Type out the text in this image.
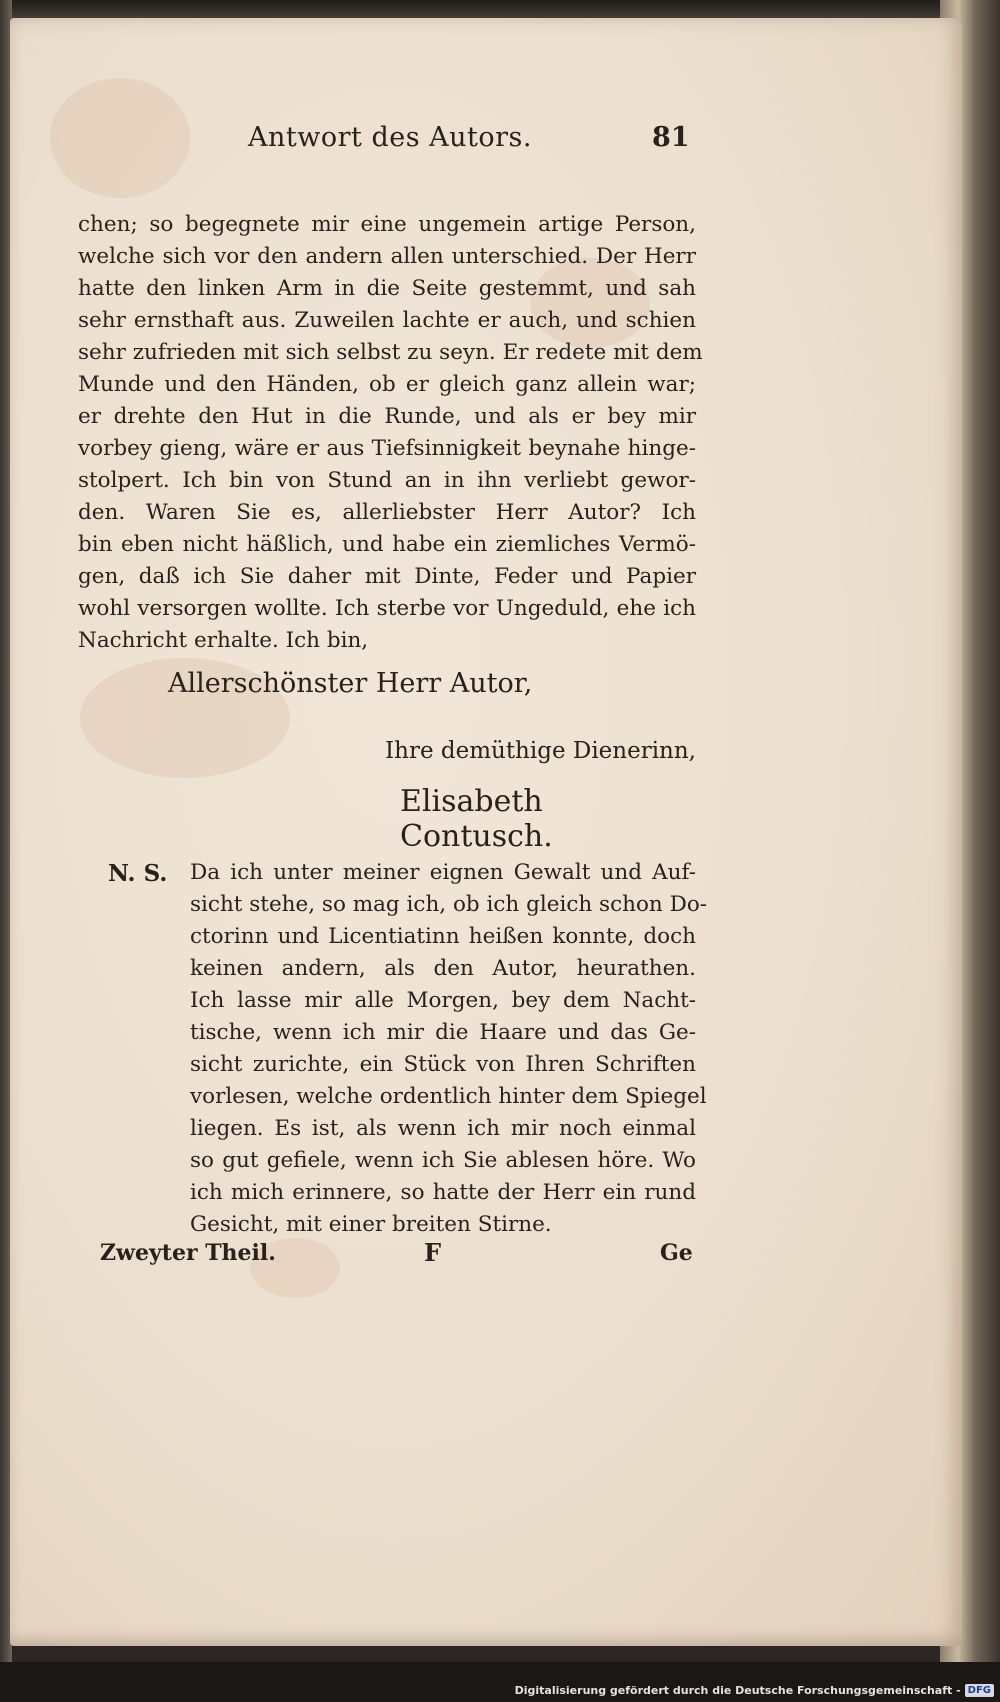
Antwort des Autors.	81
chen; so begegnete mir eine ungemein artige Person,
welche sich vor den andern allen unterschied. Der Herr
hatte den linken Arm in die Seite gestemmt, und sah
sehr ernsthaft aus. Zuweilen lachte er auch, und schien
sehr zufrieden mit sich selbst zu seyn. Er redete mit dem
Munde und den Händen, ob er gleich ganz allein war;
er drehte den Hut in die Runde, und als er bey mir
vorbey gieng, wäre er aus Tiefsinnigkeit beynahe hinge-
stolpert. Ich bin von Stund an in ihn verliebt gewor-
den. Waren Sie es, allerliebster Herr Autor? Ich
bin eben nicht häßlich, und habe ein ziemliches Vermö-
gen, daß ich Sie daher mit Dinte, Feder und Papier
wohl versorgen wollte. Ich sterbe vor Ungeduld, ehe ich
Nachricht erhalte. Ich bin,
Allerschönster Herr Autor,
Ihre demüthige Dienerinn,
Elisabeth Contusch.
N. S. Da ich unter meiner eignen Gewalt und Auf-
sicht stehe, so mag ich, ob ich gleich schon Do-
ctorinn und Licentiatinn heißen konnte, doch
keinen andern, als den Autor, heurathen.
Ich lasse mir alle Morgen, bey dem Nacht-
tische, wenn ich mir die Haare und das Ge-
sicht zurichte, ein Stück von Ihren Schriften
vorlesen, welche ordentlich hinter dem Spiegel
liegen. Es ist, als wenn ich mir noch einmal
so gut gefiele, wenn ich Sie ablesen höre. Wo
ich mich erinnere, so hatte der Herr ein rund
Gesicht, mit einer breiten Stirne.
Zweyter Theil.	F	Ge
Digitalisierung gefördert durch die Deutsche Forschungsgemeinschaft - DFG
